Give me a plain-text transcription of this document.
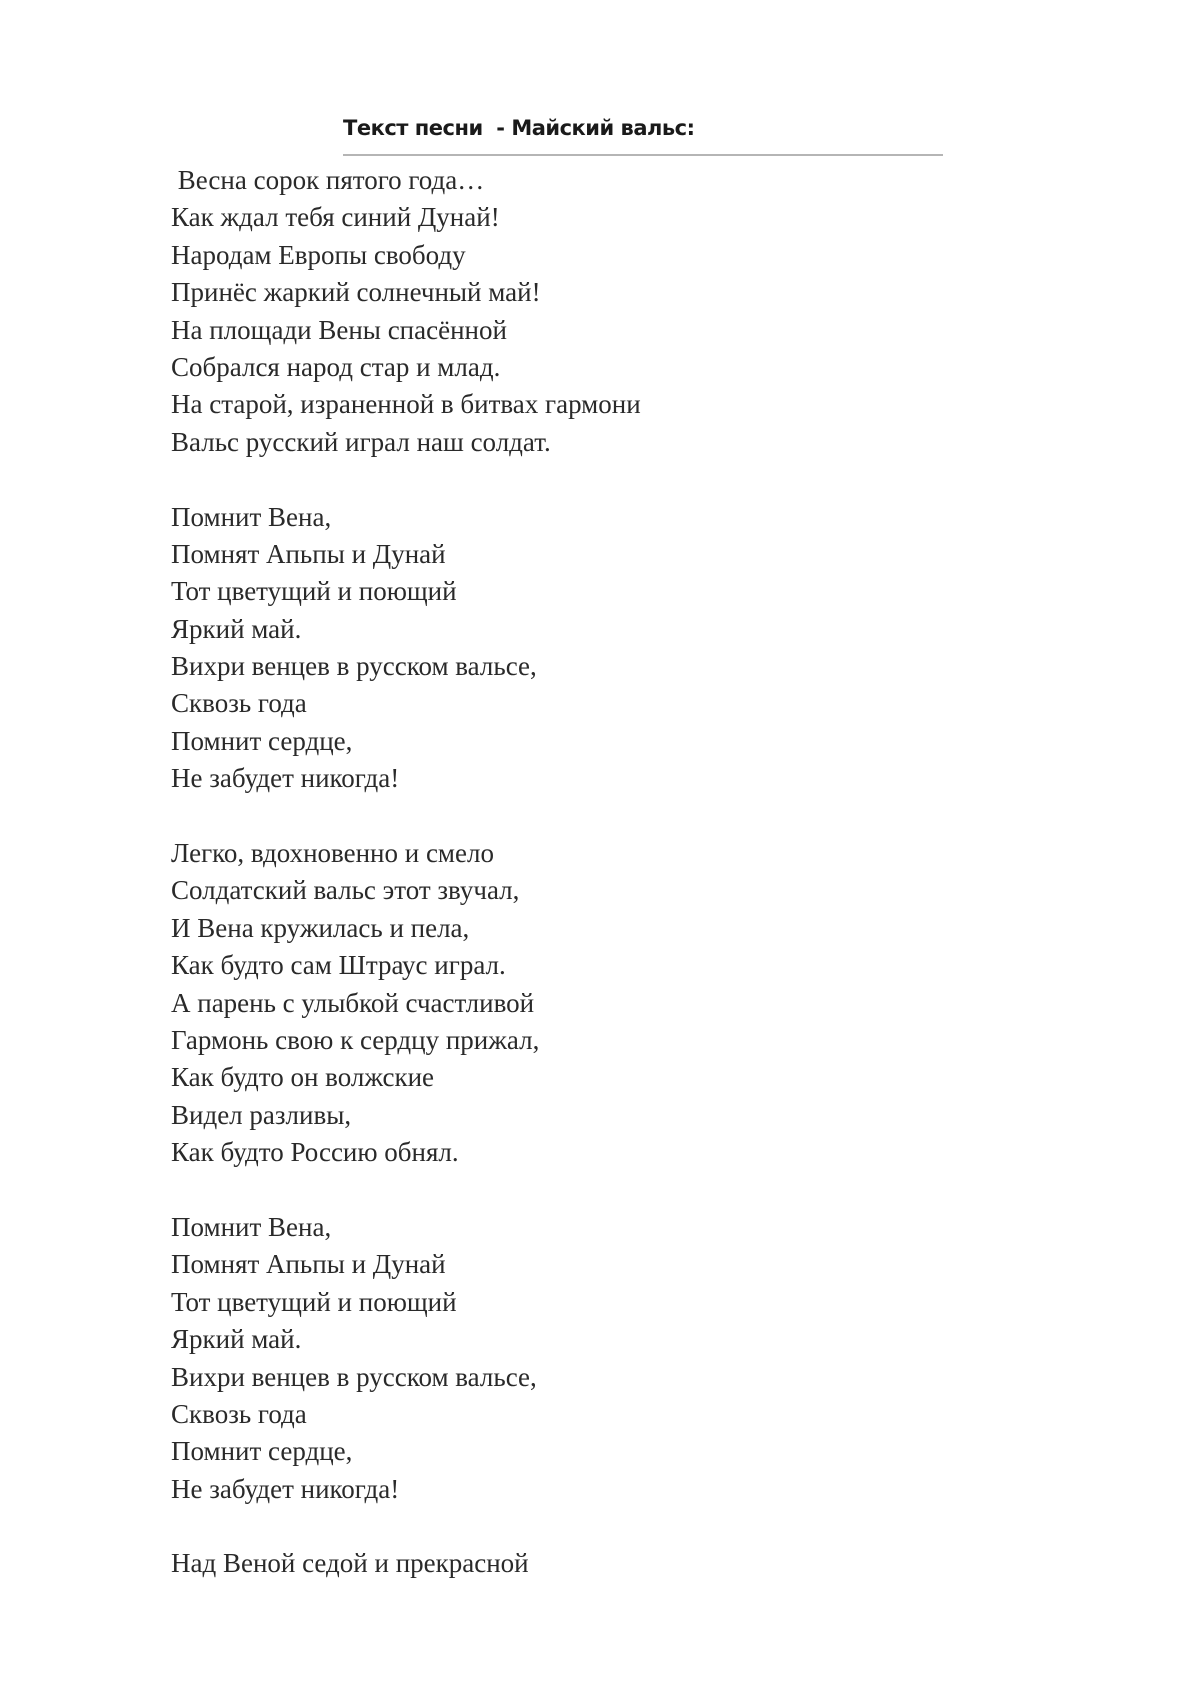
Текст песни  - Майский вальс:
Весна сорок пятого года…
Как ждал тебя синий Дунай!
Народам Европы свободу
Принёс жаркий солнечный май!
На площади Вены спасённой
Собрался народ стар и млад.
На старой, израненной в битвах гармони
Вальс русский играл наш солдат.
Помнит Вена,
Помнят Апьпы и Дунай
Тот цветущий и поющий
Яркий май.
Вихри венцев в русском вальсе,
Сквозь года
Помнит сердце,
Не забудет никогда!
Легко, вдохновенно и смело
Солдатский вальс этот звучал,
И Вена кружилась и пела,
Как будто сам Штраус играл.
А парень с улыбкой счастливой
Гармонь свою к сердцу прижал,
Как будто он волжские
Видел разливы,
Как будто Россию обнял.
Помнит Вена,
Помнят Апьпы и Дунай
Тот цветущий и поющий
Яркий май.
Вихри венцев в русском вальсе,
Сквозь года
Помнит сердце,
Не забудет никогда!
Над Веной седой и прекрасной
